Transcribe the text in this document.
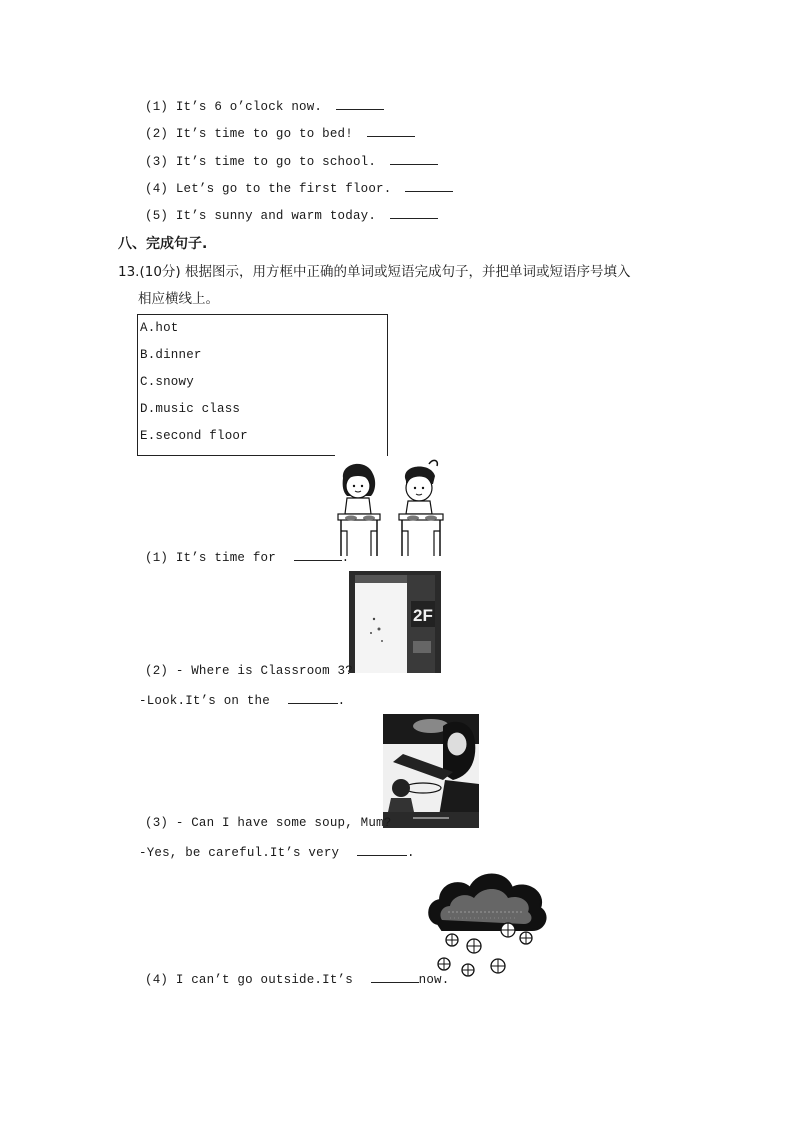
(1) It’s 6 o’clock now.
(2) It’s time to go to bed!
(3) It’s time to go to school.
(4) Let’s go to the first floor.
(5) It’s sunny and warm today.
八、完成句子.
13.(10分) 根据图示，用方框中正确的单词或短语完成句子，并把单词或短语序号填入
相应横线上。
A.hot
B.dinner
C.snowy
D.music class
E.second floor
(1) It’s time for	.
2F
(2) - Where is Classroom 3?
-Look.It’s on the	.
(3) - Can I have some soup, Mum?
-Yes, be careful.It’s very	.
(4) I can’t go outside.It’s	now.
